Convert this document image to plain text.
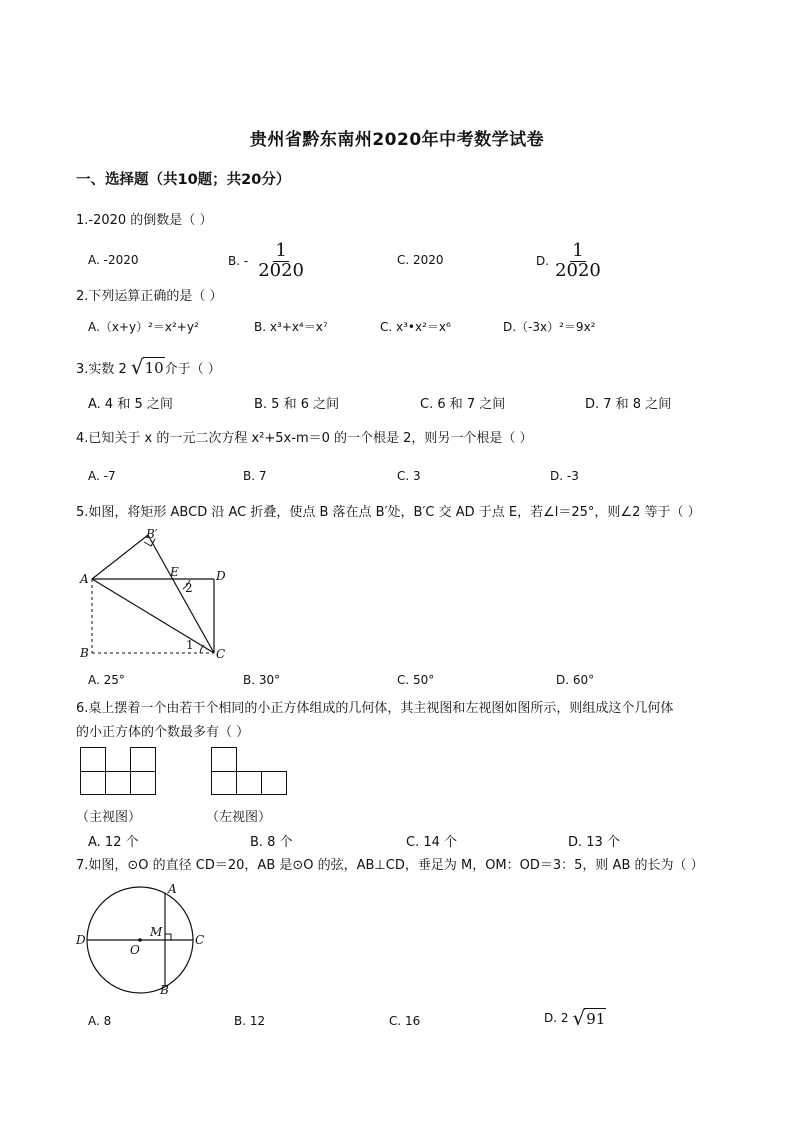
贵州省黔东南州2020年中考数学试卷
一、选择题（共10题；共20分）
1.-2020 的倒数是（ ）
A. -2020	B. - $\frac{1}{2020}$	C. 2020	D. $\frac{1}{2020}$
2.下列运算正确的是（ ）
A.（x+y）²＝x²+y²	B. x³+x⁴＝x⁷	C. x³•x²＝x⁶	D.（-3x）²＝9x²
3.实数 2 √ 10 介于（ ）
A. 4 和 5 之间	B. 5 和 6 之间	C. 6 和 7 之间	D. 7 和 8 之间
4.已知关于 x 的一元二次方程 x²+5x-m＝0 的一个根是 2，则另一个根是（ ）
A. -7	B. 7	C. 3	D. -3
5.如图，将矩形 ABCD 沿 AC 折叠，使点 B 落在点 B′处，B′C 交 AD 于点 E，若∠l＝25°，则∠2 等于（ ）
B′
A	E	D
2
B
1
C
A. 25°	B. 30°	C. 50°	D. 60°
6.桌上摆着一个由若干个相同的小正方体组成的几何体，其主视图和左视图如图所示，则组成这个几何体
的小正方体的个数最多有（ ）
（主视图）	（左视图）
A. 12 个	B. 8 个	C. 14 个	D. 13 个
7.如图，⊙O 的直径 CD＝20，AB 是⊙O 的弦，AB⊥CD，垂足为 M，OM：OD＝3：5，则 AB 的长为（ ）
A
D
M
C
O
B
A. 8	B. 12	C. 16	D. 2 √ 91
